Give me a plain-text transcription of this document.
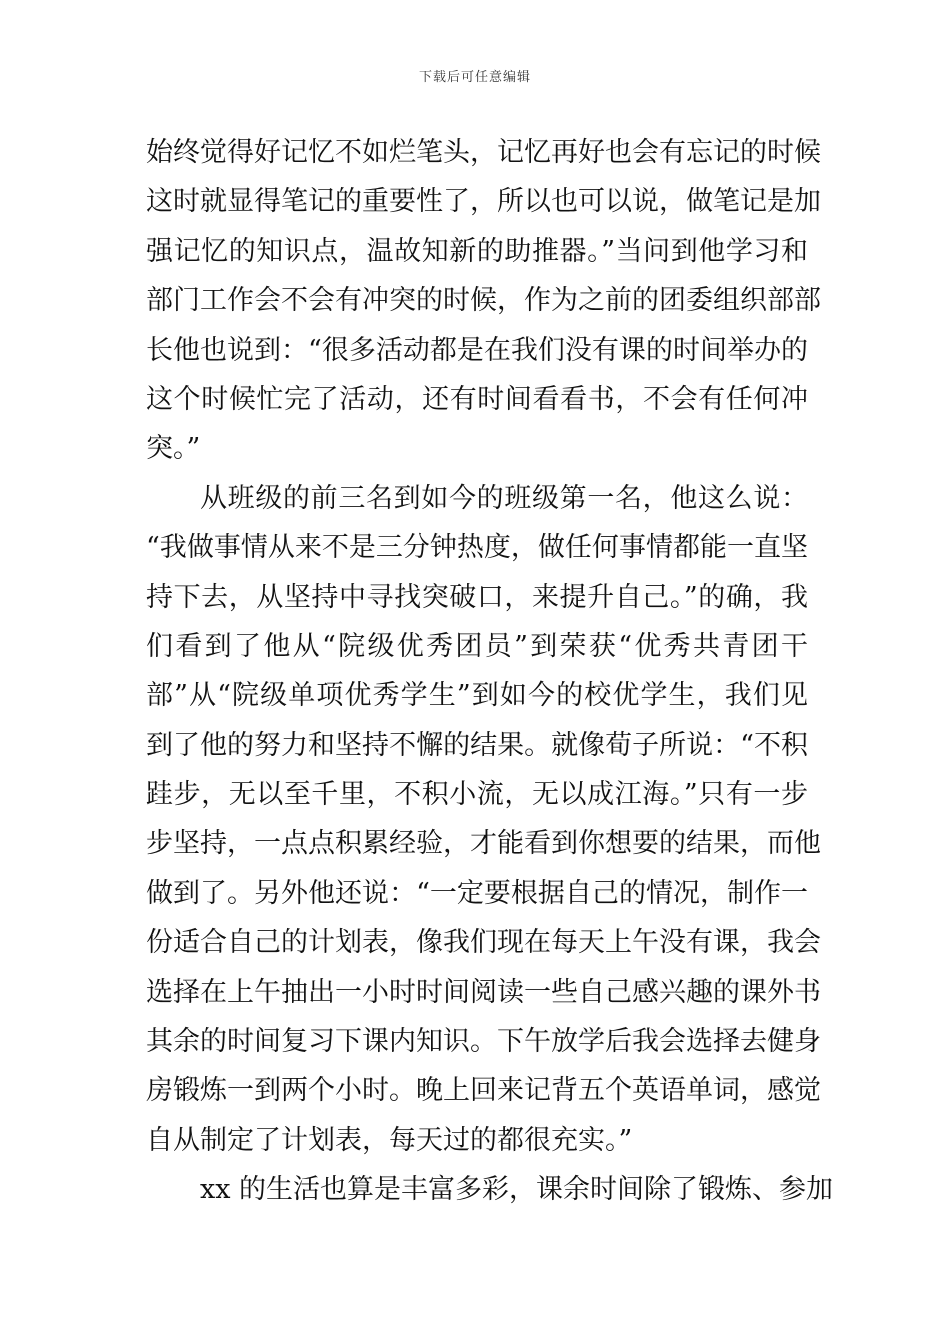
下载后可任意编辑
始终觉得好记忆不如烂笔头，记忆再好也会有忘记的时候
这时就显得笔记的重要性了，所以也可以说，做笔记是加
强记忆的知识点，温故知新的助推器。”当问到他学习和
部门工作会不会有冲突的时候，作为之前的团委组织部部
长他也说到：“很多活动都是在我们没有课的时间举办的
这个时候忙完了活动，还有时间看看书，不会有任何冲
突。”
从班级的前三名到如今的班级第一名，他这么说：
“我做事情从来不是三分钟热度，做任何事情都能一直坚
持下去，从坚持中寻找突破口，来提升自己。”的确，我
们看到了他从“院级优秀团员”到荣获“优秀共青团干
部”从“院级单项优秀学生”到如今的校优学生，我们见
到了他的努力和坚持不懈的结果。就像荀子所说：“不积
跬步，无以至千里，不积小流，无以成江海。”只有一步
步坚持，一点点积累经验，才能看到你想要的结果，而他
做到了。另外他还说：“一定要根据自己的情况，制作一
份适合自己的计划表，像我们现在每天上午没有课，我会
选择在上午抽出一小时时间阅读一些自己感兴趣的课外书
其余的时间复习下课内知识。下午放学后我会选择去健身
房锻炼一到两个小时。晚上回来记背五个英语单词，感觉
自从制定了计划表，每天过的都很充实。”
xx 的生活也算是丰富多彩，课余时间除了锻炼、参加
